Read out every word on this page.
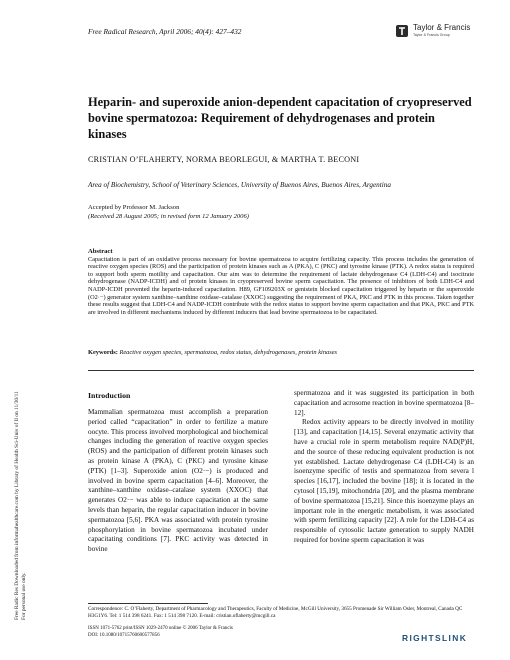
Free Radical Research, April 2006; 40(4): 427–432	Taylor & Francis
Taylor & Francis Group
Free Radic Res Downloaded from informahealthcare.com by Library of Health Sci-Univ of Il on 11/30/11 For personal use only.
Heparin- and superoxide anion-dependent capacitation of cryopreserved bovine spermatozoa: Requirement of dehydrogenases and protein kinases
CRISTIAN O’FLAHERTY, NORMA BEORLEGUI, & MARTHA T. BECONI
Area of Biochemistry, School of Veterinary Sciences, University of Buenos Aires, Buenos Aires, Argentina
Accepted by Professor M. Jackson
(Received 28 August 2005; in revised form 12 January 2006)
Abstract
Capacitation is part of an oxidative process necessary for bovine spermatozoa to acquire fertilizing capacity. This process includes the generation of reactive oxygen species (ROS) and the participation of protein kinases such as A (PKA), C (PKC) and tyrosine kinase (PTK). A redox status is required to support both sperm motility and capacitation. Our aim was to determine the requirement of lactate dehydrogenase C4 (LDH-C4) and isocitrate dehydrogenase (NADP-ICDH) and of protein kinases in cryopreserved bovine sperm capacitation. The presence of inhibitors of both LDH-C4 and NADP-ICDH prevented the heparin-induced capacitation. H89, GF109203X or genistein blocked capacitation triggered by heparin or the superoxide (O2·−) generator system xanthine–xanthine oxidase–catalase (XXOC) suggesting the requirement of PKA, PKC and PTK in this process. Taken together these results suggest that LDH-C4 and NADP-ICDH contribute with the redox status to support bovine sperm capacitation and that PKA, PKC and PTK are involved in different mechanisms induced by different inducers that lead bovine spermatozoa to be capacitated.
Keywords: Reactive oxygen species, spermatozoa, redox status, dehydrogenases, protein kinases
Introduction

Mammalian spermatozoa must accomplish a preparation period called “capacitation” in order to fertilize a mature oocyte. This process involved morphological and biochemical changes including the generation of reactive oxygen species (ROS) and the participation of different protein kinases such as protein kinase A (PKA), C (PKC) and tyrosine kinase (PTK) [1–3]. Superoxide anion (O2·−) is produced and involved in bovine sperm capacitation [4–6]. Moreover, the xanthine–xanthine oxidase–catalase system (XXOC) that generates O2·− was able to induce capacitation at the same levels than heparin, the regular capacitation inducer in bovine spermatozoa [5,6]. PKA was associated with protein tyrosine phosphorylation in bovine spermatozoa incubated under capacitating conditions [7]. PKC activity was detected in bovine

spermatozoa and it was suggested its participation in both capacitation and acrosome reaction in bovine spermatozoa [8–12].

Redox activity appears to be directly involved in motility [13], and capacitation [14,15]. Several enzymatic activity that have a crucial role in sperm metabolism require NAD(P)H, and the source of these reducing equivalent production is not yet established. Lactate dehydrogenase C4 (LDH-C4) is an isoenzyme specific of testis and spermatozoa from severa l species [16,17], included the bovine [18]; it is located in the cytosol [15,19], mitochondria [20], and the plasma membrane of bovine spermatozoa [15,21]. Since this isoenzyme plays an important role in the energetic metabolism, it was associated with sperm fertilizing capacity [22]. A role for the LDH-C4 as responsible of cytosolic lactate generation to supply NADH required for bovine sperm capacitation it was

Correspondence: C. O’Flaherty, Department of Pharmacology and Therapeutics, Faculty of Medicine, McGill University, 3655 Promenade Sir William Osler, Montreal, Canada QC H3G1Y6. Tel: 1 514 398 6241. Fax: 1 514 398 7120. E-mail: cristian.oflaherty@mcgill.ca
ISSN 1071-5762 print/ISSN 1029-2470 online © 2006 Taylor & Francis
DOI: 10.1080/10715760600577856	RIGHTSLINK
